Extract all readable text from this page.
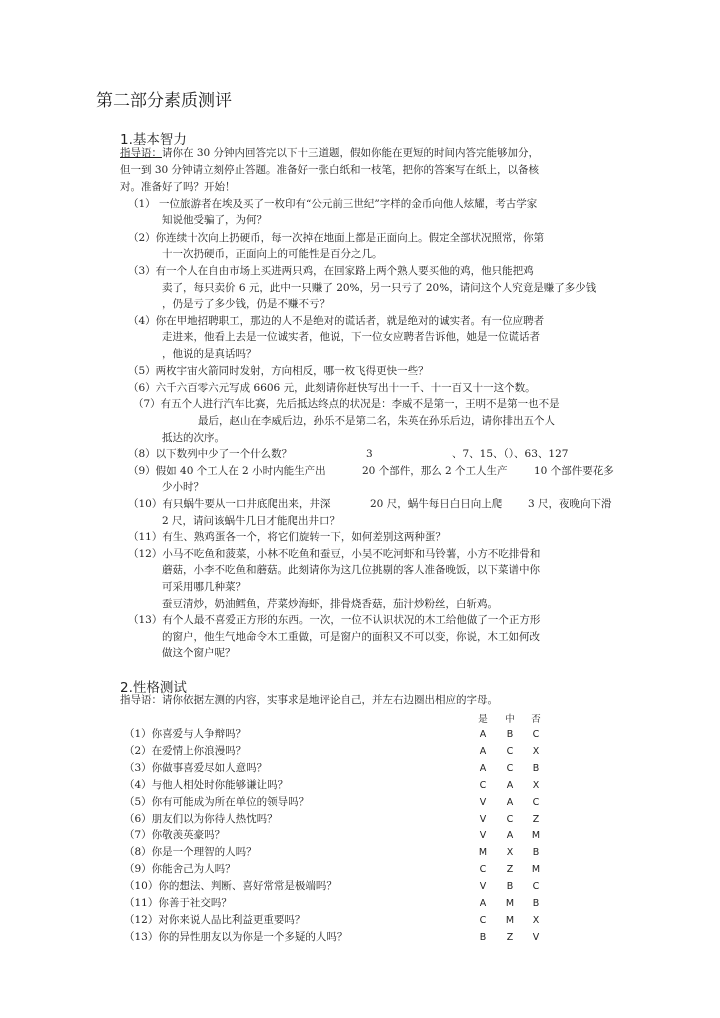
第二部分素质测评
1.基本智力
指导语：请你在 30 分钟内回答完以下十三道题，假如你能在更短的时间内答完能够加分，
但一到 30 分钟请立刻停止答题。准备好一张白纸和一枝笔，把你的答案写在纸上，以备核
对。准备好了吗？开始！
（1） 一位旅游者在埃及买了一枚印有“公元前三世纪”字样的金币向他人炫耀，考古学家
知说他受骗了，为何？
（2）你连续十次向上扔硬币，每一次掉在地面上都是正面向上。假定全部状况照常，你第
十一次扔硬币，正面向上的可能性是百分之几。
（3）有一个人在自由市场上买进两只鸡，在回家路上两个熟人要买他的鸡，他只能把鸡
卖了，每只卖价 6 元，此中一只赚了 20%，另一只亏了 20%，请问这个人究竟是赚了多少钱
，仍是亏了多少钱，仍是不赚不亏？
（4）你在甲地招聘职工，那边的人不是绝对的谎话者，就是绝对的诚实者。有一位应聘者
走进来，他看上去是一位诚实者，他说，下一位女应聘者告诉他，她是一位谎话者
，他说的是真话吗？
（5）两枚宇宙火箭同时发射，方向相反，哪一枚飞得更快一些？
（6）六千六百零六元写成 6606 元，此刻请你赶快写出十一千、十一百又十一这个数。
（7）有五个人进行汽车比赛，先后抵达终点的状况是：李威不是第一，王明不是第一也不是
最后，赵山在李威后边，孙乐不是第二名，朱英在孙乐后边，请你排出五个人
抵达的次序。
（8）以下数列中少了一个什么数？	3	、7、15、（）、63、127
（9）假如 40 个工人在 2 小时内能生产出	20 个部件，那么 2 个工人生产	10 个部件要花多
少小时？
（10）有只蜗牛要从一口井底爬出来，井深	20 尺，蜗牛每日白日向上爬 3 尺，夜晚向下滑
2 尺，请问该蜗牛几日才能爬出井口？
（11）有生、熟鸡蛋各一个，将它们旋转一下，如何差别这两种蛋？
（12）小马不吃鱼和菠菜，小林不吃鱼和蚕豆，小吴不吃河虾和马铃薯，小方不吃排骨和
蘑菇，小李不吃鱼和蘑菇。此刻请你为这几位挑剔的客人准备晚饭，以下菜谱中你
可采用哪几种菜？
蚕豆清炒，奶油鳕鱼，芹菜炒海虾，排骨烧香菇，茄汁炒粉丝，白斩鸡。
（13）有个人最不喜爱正方形的东西。一次，一位不认识状况的木工给他做了一个正方形
的窗户，他生气地命令木工重做，可是窗户的面积又不可以变，你说，木工如何改
做这个窗户呢？
2.性格测试
指导语：请你依据左测的内容，实事求是地评论自己，并左右边圈出相应的字母。
是 中 否
（1）你喜爱与人争辩吗？	A	B	C
（2）在爱情上你浪漫吗？	A	C	X
（3）你做事喜爱尽如人意吗？	A	C	B
（4）与他人相处时你能够谦让吗？	C	A	X
（5）你有可能成为所在单位的领导吗？	V	A	C
（6）朋友们以为你待人热忱吗？	V	C	Z
（7）你敬羡英豪吗？	V	A	M
（8）你是一个理智的人吗？	M	X	B
（9）你能舍己为人吗？	C	Z	M
（10）你的想法、判断、喜好常常是极端吗？	V	B	C
（11）你善于社交吗？	A	M	B
（12）对你来说人品比利益更重要吗？	C	M	X
（13）你的异性朋友以为你是一个多疑的人吗？	B	Z	V
